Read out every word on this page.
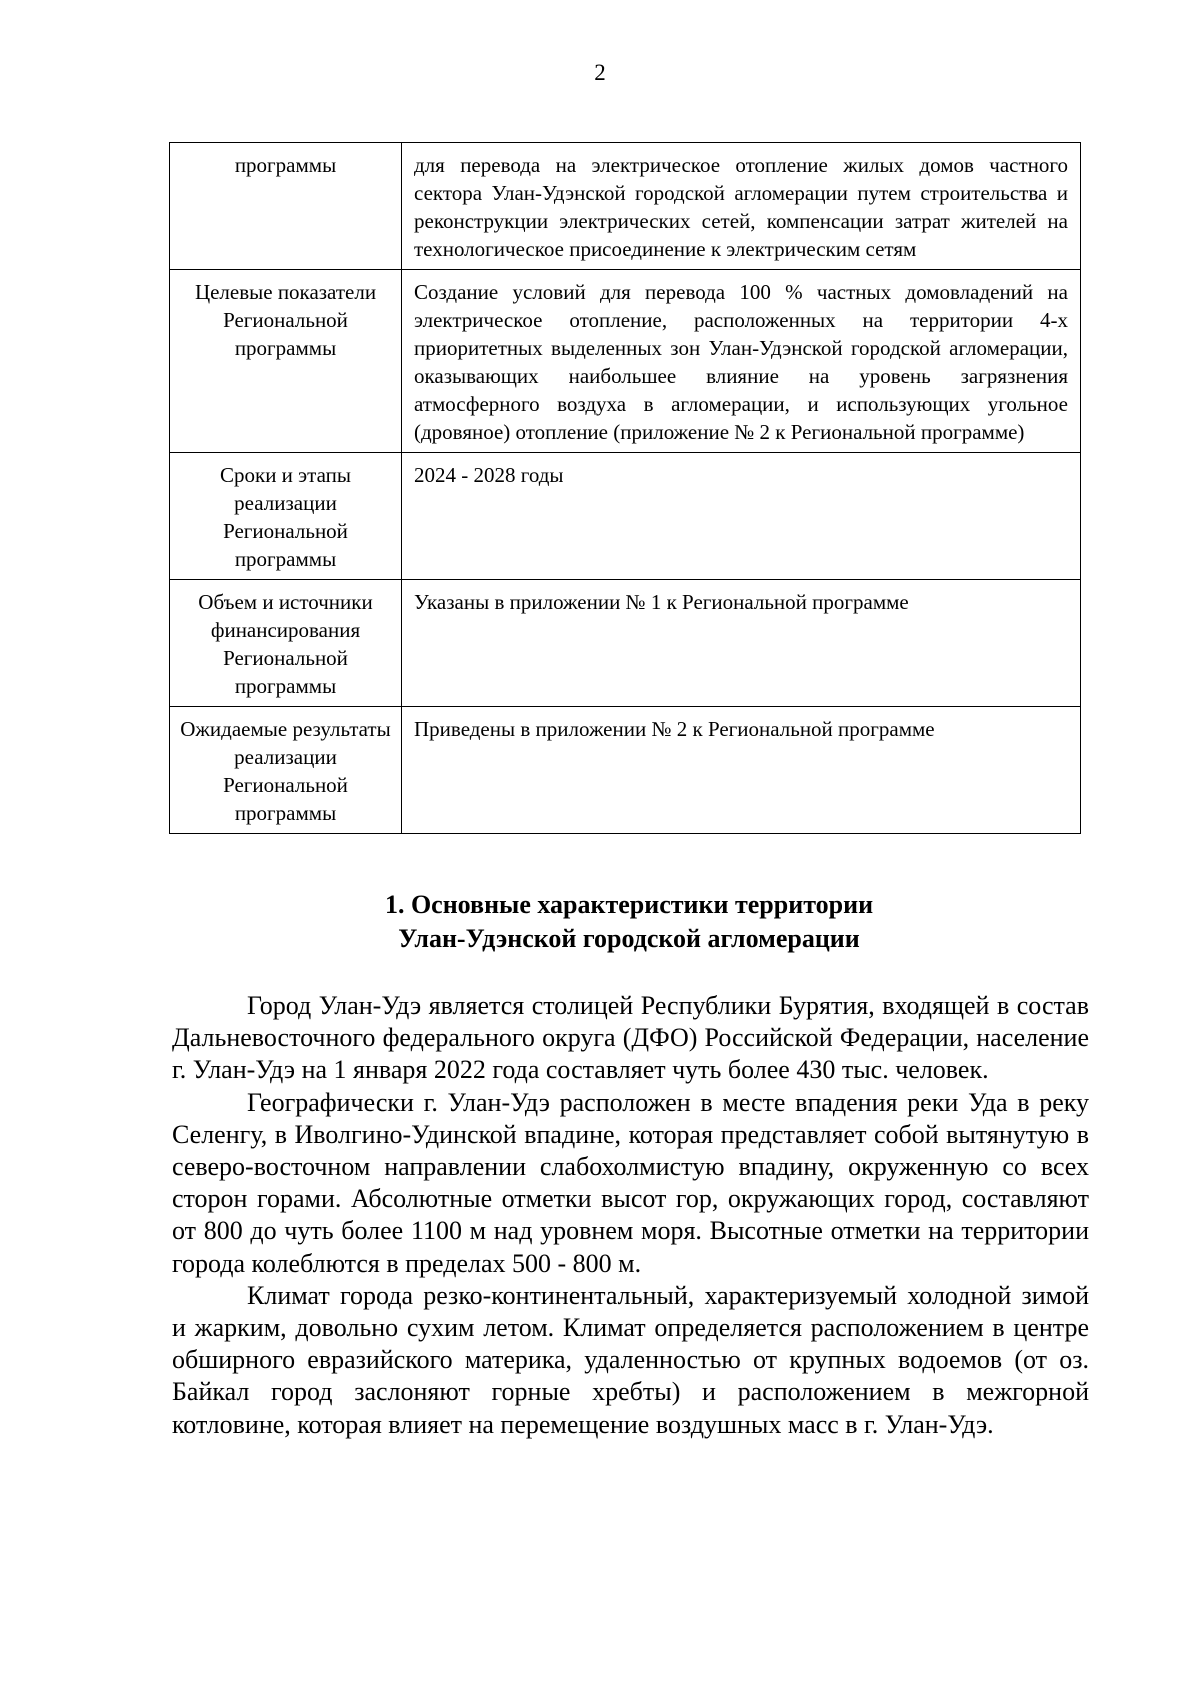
2
программы	для перевода на электрическое отопление жилых домов частного сектора Улан-Удэнской городской агломерации путем строительства и реконструкции электрических сетей, компенсации затрат жителей на технологическое присоединение к электрическим сетям
Целевые показатели Региональной программы	Создание условий для перевода 100 % частных домовладений на электрическое отопление, расположенных на территории 4-х приоритетных выделенных зон Улан-Удэнской городской агломерации, оказывающих наибольшее влияние на уровень загрязнения атмосферного воздуха в агломерации, и использующих угольное (дровяное) отопление (приложение № 2 к Региональной программе)
Сроки и этапы реализации Региональной программы	2024 - 2028 годы
Объем и источники финансирования Региональной программы	Указаны в приложении № 1 к Региональной программе
Ожидаемые результаты реализации Региональной программы	Приведены в приложении № 2 к Региональной программе
1. Основные характеристики территории
Улан-Удэнской городской агломерации

Город Улан-Удэ является столицей Республики Бурятия, входящей в состав Дальневосточного федерального округа (ДФО) Российской Федерации, население г. Улан-Удэ на 1 января 2022 года составляет чуть более 430 тыс. человек.

Географически г. Улан-Удэ расположен в месте впадения реки Уда в реку Селенгу, в Иволгино-Удинской впадине, которая представляет собой вытянутую в северо-восточном направлении слабохолмистую впадину, окруженную со всех сторон горами. Абсолютные отметки высот гор, окружающих город, составляют от 800 до чуть более 1100 м над уровнем моря. Высотные отметки на территории города колеблются в пределах 500 - 800 м.

Климат города резко-континентальный, характеризуемый холодной зимой и жарким, довольно сухим летом. Климат определяется расположением в центре обширного евразийского материка, удаленностью от крупных водоемов (от оз. Байкал город заслоняют горные хребты) и расположением в межгорной котловине, которая влияет на перемещение воздушных масс в г. Улан-Удэ.
